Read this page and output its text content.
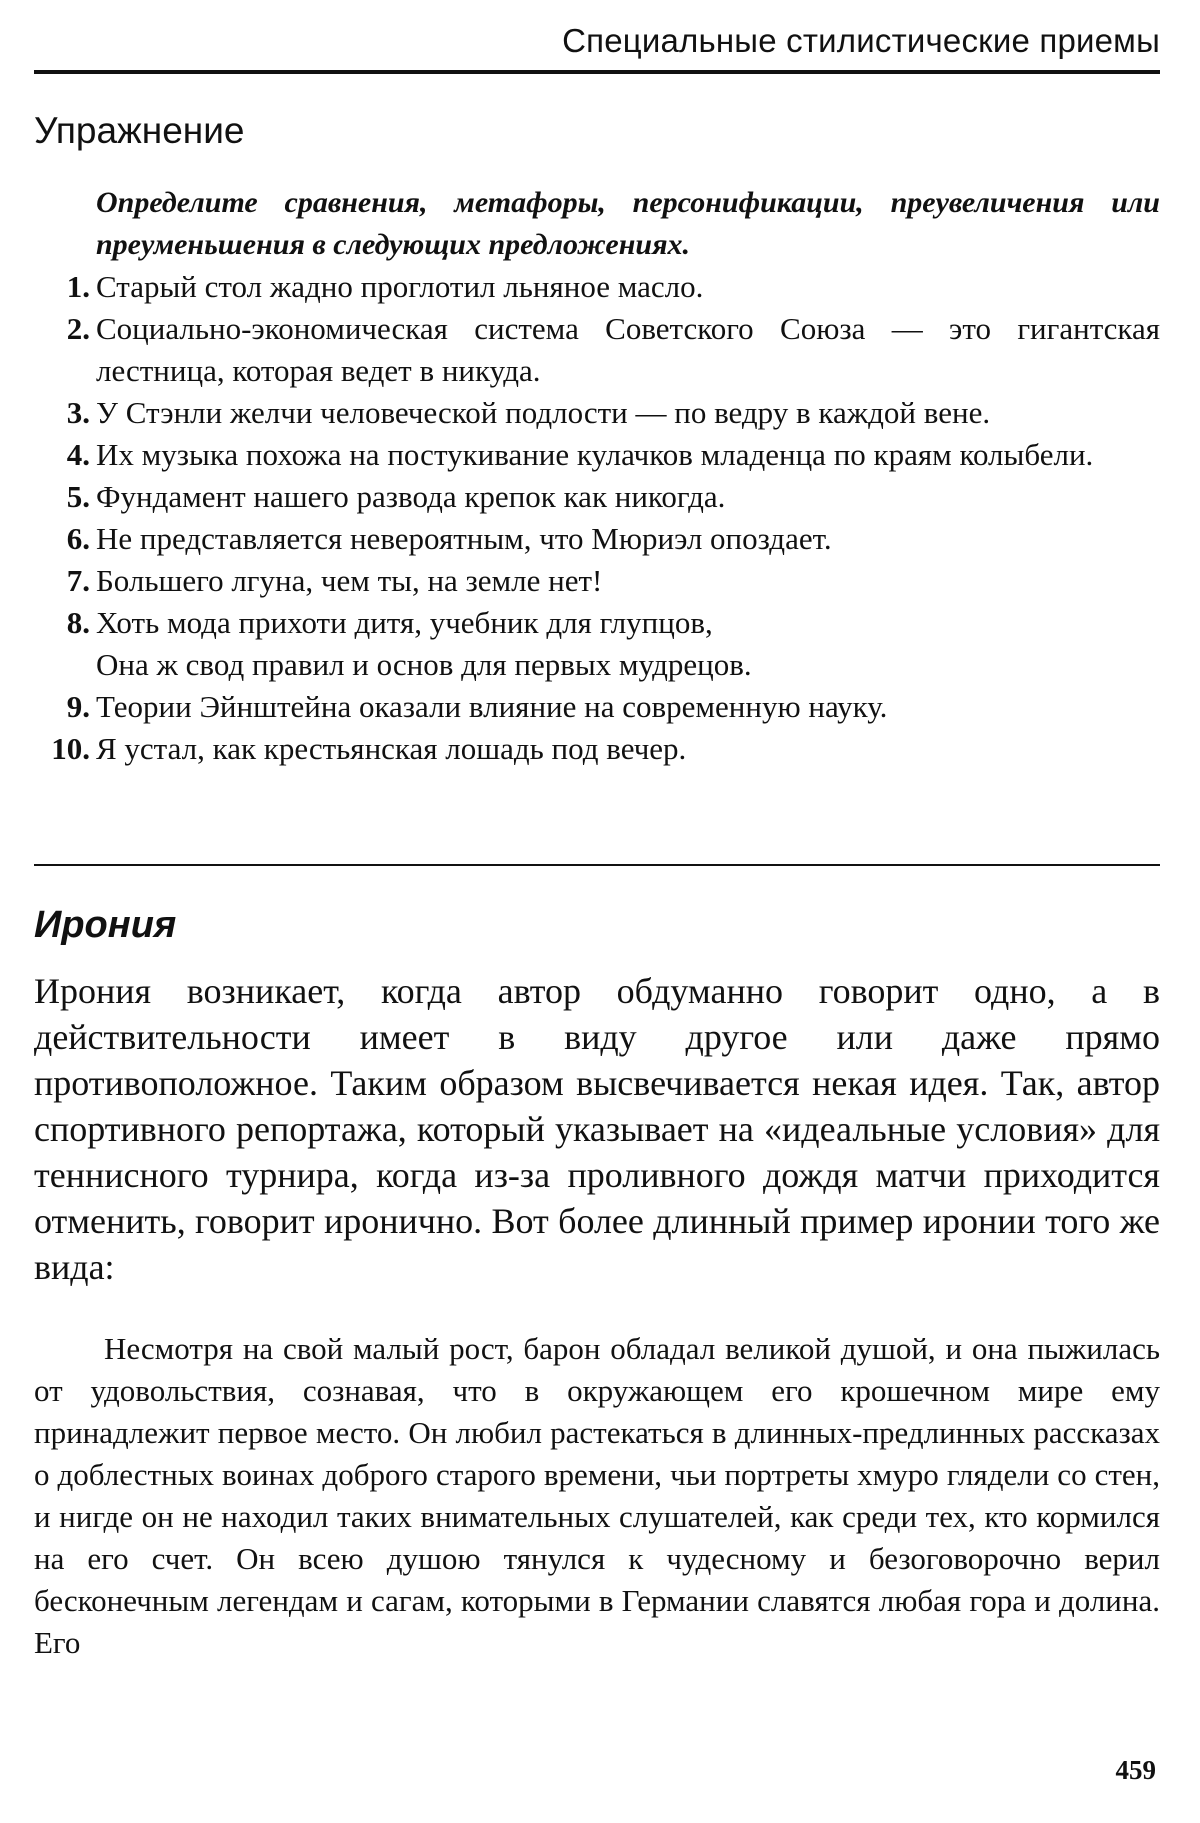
Специальные стилистические приемы
Упражнение
Определите сравнения, метафоры, персонификации, преувеличения или преуменьшения в следующих предложениях.
1. Старый стол жадно проглотил льняное масло.
2. Социально-экономическая система Советского Союза — это гигантская лестница, которая ведет в никуда.
3. У Стэнли желчи человеческой подлости — по ведру в каждой вене.
4. Их музыка похожа на постукивание кулачков младенца по краям колыбели.
5. Фундамент нашего развода крепок как никогда.
6. Не представляется невероятным, что Мюриэл опоздает.
7. Большего лгуна, чем ты, на земле нет!
8. Хоть мода прихоти дитя, учебник для глупцов,
Она ж свод правил и основ для первых мудрецов.
9. Теории Эйнштейна оказали влияние на современную науку.
10. Я устал, как крестьянская лошадь под вечер.
Ирония

Ирония возникает, когда автор обдуманно говорит одно, а в действительности имеет в виду другое или даже прямо противоположное. Таким образом высвечивается некая идея. Так, автор спортивного репортажа, который указывает на «идеальные условия» для теннисного турнира, когда из-за проливного дождя матчи приходится отменить, говорит иронично. Вот более длинный пример иронии того же вида:

Несмотря на свой малый рост, барон обладал великой душой, и она пыжилась от удовольствия, сознавая, что в окружающем его крошечном мире ему принадлежит первое место. Он любил растекаться в длинных-предлинных рассказах о доблестных воинах доброго старого времени, чьи портреты хмуро глядели со стен, и нигде он не находил таких внимательных слушателей, как среди тех, кто кормился на его счет. Он всею душою тянулся к чудесному и безоговорочно верил бесконечным легендам и сагам, которыми в Германии славятся любая гора и долина. Его

459
